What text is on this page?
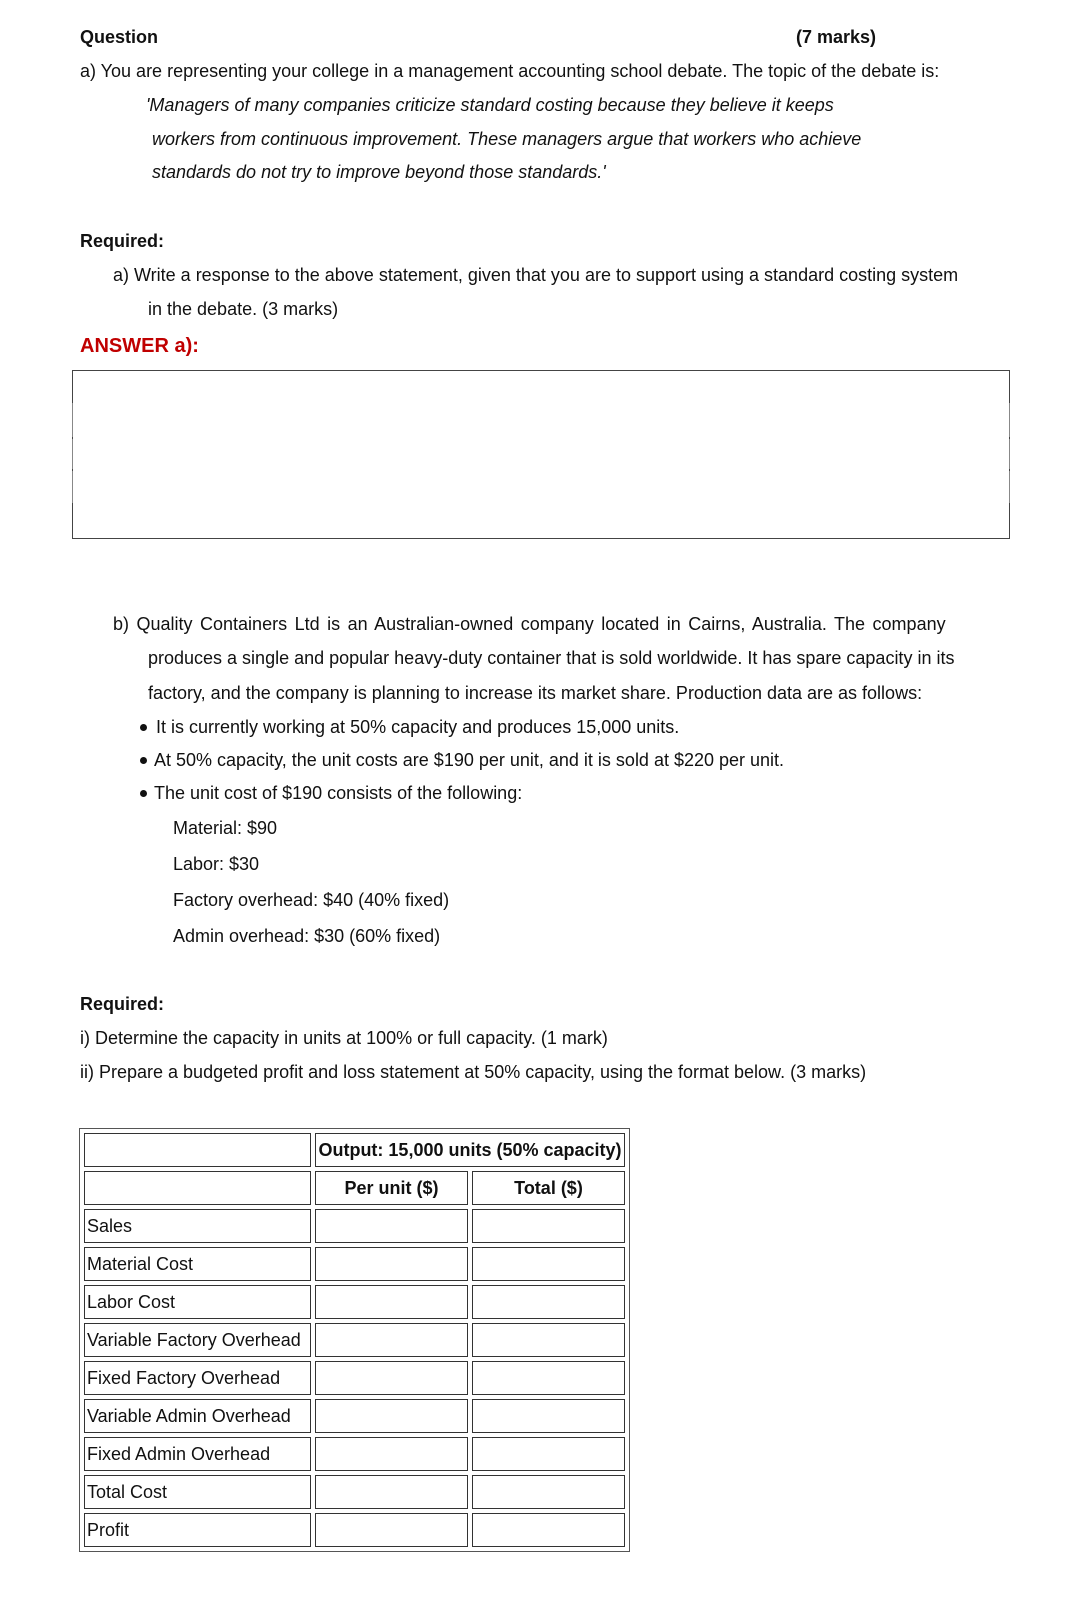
Question	(7 marks)
a) You are representing your college in a management accounting school debate. The topic of the debate is:
'Managers of many companies criticize standard costing because they believe it keeps
workers from continuous improvement. These managers argue that workers who achieve
standards do not try to improve beyond those standards.'
Required:
a) Write a response to the above statement, given that you are to support using a standard costing system
in the debate. (3 marks)
ANSWER a):
b) Quality Containers Ltd is an Australian-owned company located in Cairns, Australia. The company
produces a single and popular heavy-duty container that is sold worldwide. It has spare capacity in its
factory, and the company is planning to increase its market share. Production data are as follows:
It is currently working at 50% capacity and produces 15,000 units.
At 50% capacity, the unit costs are $190 per unit, and it is sold at $220 per unit.
The unit cost of $190 consists of the following:
Material: $90
Labor: $30
Factory overhead: $40 (40% fixed)
Admin overhead: $30 (60% fixed)
Required:
i) Determine the capacity in units at 100% or full capacity. (1 mark)
ii) Prepare a budgeted profit and loss statement at 50% capacity, using the format below. (3 marks)
	Output: 15,000 units (50% capacity)	
	Per unit ($)	Total ($)
Sales		
Material Cost		
Labor Cost		
Variable Factory Overhead		
Fixed Factory Overhead		
Variable Admin Overhead		
Fixed Admin Overhead		
Total Cost		
Profit		
